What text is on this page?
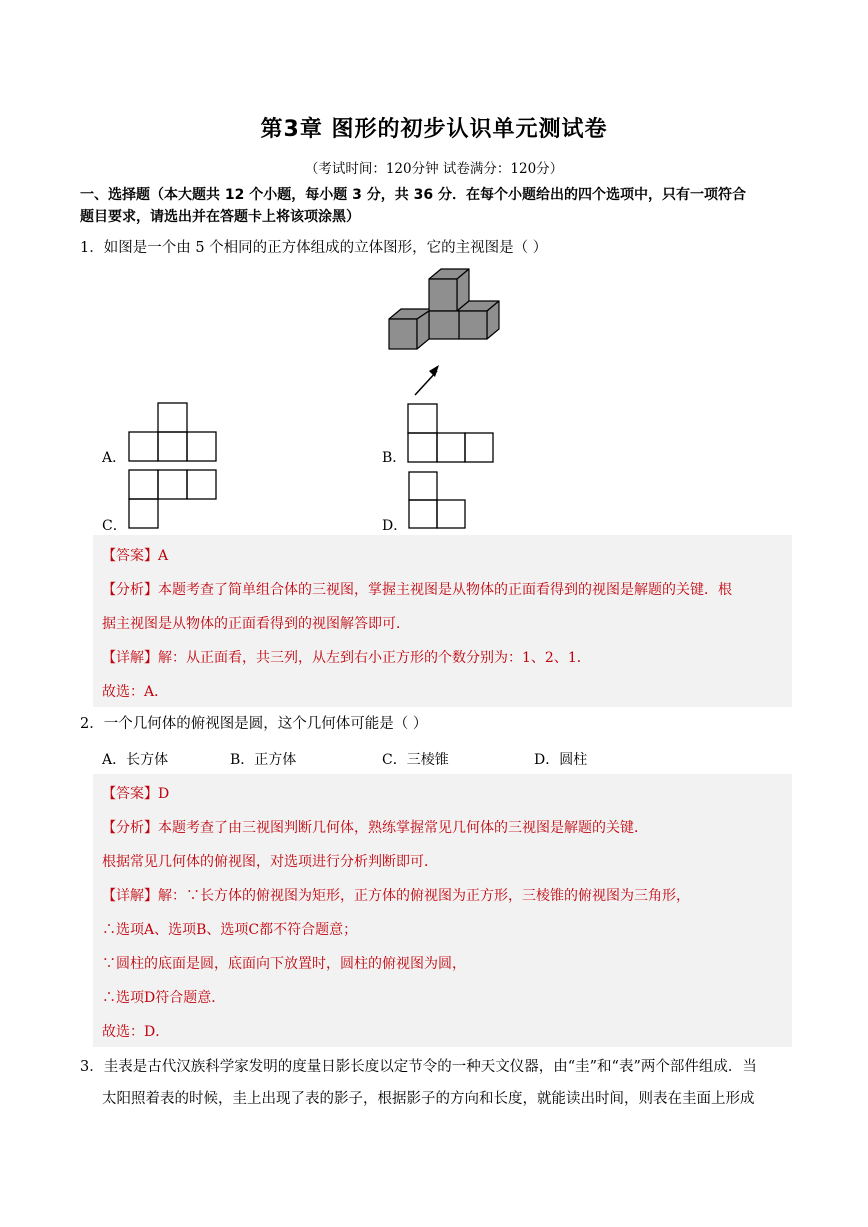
第3章 图形的初步认识单元测试卷
（考试时间：120分钟 试卷满分：120分）
一、选择题（本大题共 12 个小题，每小题 3 分，共 36 分．在每个小题给出的四个选项中，只有一项符合
题目要求，请选出并在答题卡上将该项涂黑）
1．如图是一个由 5 个相同的正方体组成的立体图形，它的主视图是（ ）
A．	B．
C．	D．
【答案】A
【分析】本题考查了简单组合体的三视图，掌握主视图是从物体的正面看得到的视图是解题的关键．根
据主视图是从物体的正面看得到的视图解答即可．
【详解】解：从正面看，共三列，从左到右小正方形的个数分别为：1、2、1．
故选：A．
2．一个几何体的俯视图是圆，这个几何体可能是（ ）
A．长方体	B．正方体	C．三棱锥	D．圆柱
【答案】D
【分析】本题考查了由三视图判断几何体，熟练掌握常见几何体的三视图是解题的关键．
根据常见几何体的俯视图，对选项进行分析判断即可．
【详解】解：∵长方体的俯视图为矩形，正方体的俯视图为正方形，三棱锥的俯视图为三角形，
∴选项A、选项B、选项C都不符合题意；
∵圆柱的底面是圆，底面向下放置时，圆柱的俯视图为圆，
∴选项D符合题意．
故选：D．
3．圭表是古代汉族科学家发明的度量日影长度以定节令的一种天文仪器，由“圭”和“表”两个部件组成．当
太阳照着表的时候，圭上出现了表的影子，根据影子的方向和长度，就能读出时间，则表在圭面上形成
